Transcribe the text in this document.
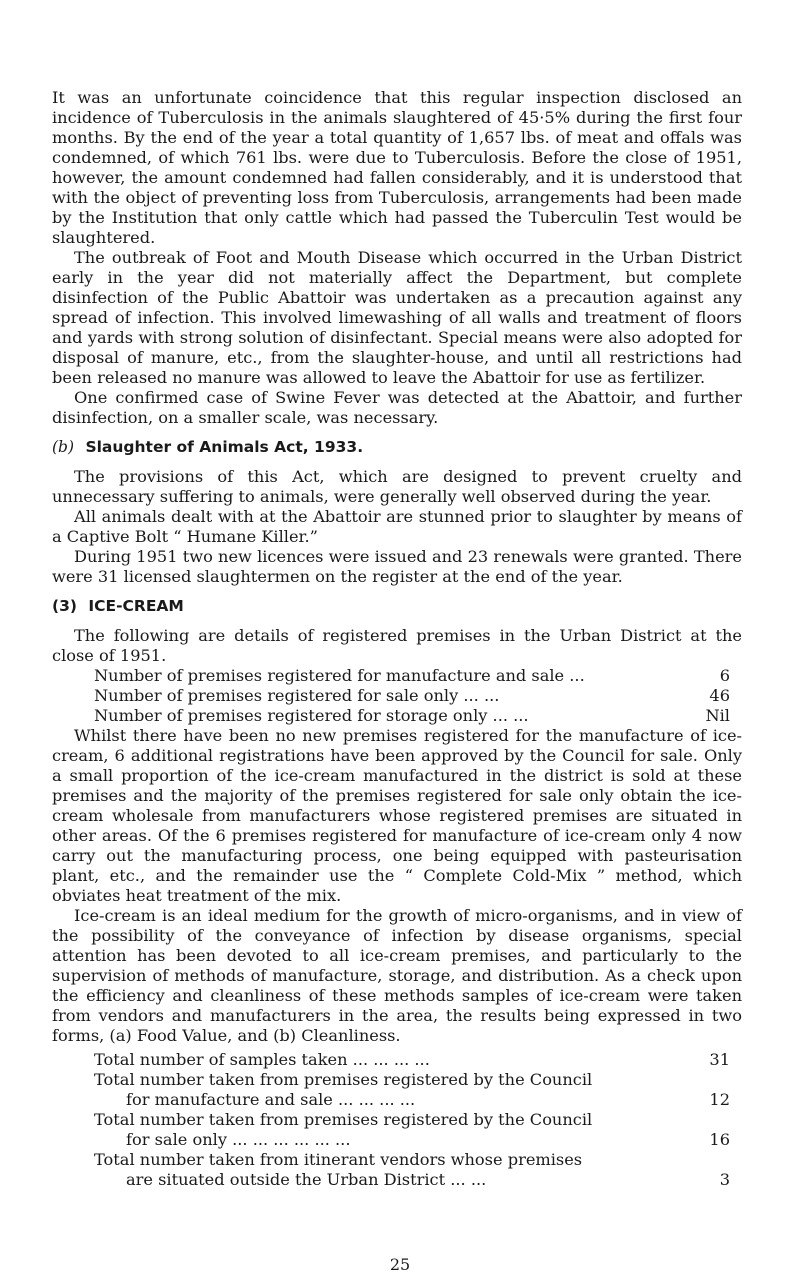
It was an unfortunate coincidence that this regular inspection disclosed an incidence of Tuberculosis in the animals slaughtered of 45·5% during the first four months. By the end of the year a total quantity of 1,657 lbs. of meat and offals was condemned, of which 761 lbs. were due to Tuberculosis. Before the close of 1951, however, the amount condemned had fallen considerably, and it is understood that with the object of preventing loss from Tuberculosis, arrangements had been made by the Institution that only cattle which had passed the Tuberculin Test would be slaughtered.

The outbreak of Foot and Mouth Disease which occurred in the Urban District early in the year did not materially affect the Department, but complete disinfection of the Public Abattoir was undertaken as a precaution against any spread of infection. This involved limewashing of all walls and treatment of floors and yards with strong solution of disinfectant. Special means were also adopted for disposal of manure, etc., from the slaughter-house, and until all restrictions had been released no manure was allowed to leave the Abattoir for use as fertilizer.

One confirmed case of Swine Fever was detected at the Abattoir, and further disinfection, on a smaller scale, was necessary.

(b) Slaughter of Animals Act, 1933.

The provisions of this Act, which are designed to prevent cruelty and unnecessary suffering to animals, were generally well observed during the year.

All animals dealt with at the Abattoir are stunned prior to slaughter by means of a Captive Bolt “ Humane Killer.”

During 1951 two new licences were issued and 23 renewals were granted. There were 31 licensed slaughtermen on the register at the end of the year.

(3) ICE-CREAM

The following are details of registered premises in the Urban District at the close of 1951.

Number of premises registered for manufacture and sale ...	6
Number of premises registered for sale only ... ...	46
Number of premises registered for storage only ... ...	Nil

Whilst there have been no new premises registered for the manufacture of ice-cream, 6 additional registrations have been approved by the Council for sale. Only a small proportion of the ice-cream manufactured in the district is sold at these premises and the majority of the premises registered for sale only obtain the ice-cream wholesale from manufacturers whose registered premises are situated in other areas. Of the 6 premises registered for manufacture of ice-cream only 4 now carry out the manufacturing process, one being equipped with pasteurisation plant, etc., and the remainder use the “ Complete Cold-Mix ” method, which obviates heat treatment of the mix.

Ice-cream is an ideal medium for the growth of micro-organisms, and in view of the possibility of the conveyance of infection by disease organisms, special attention has been devoted to all ice-cream premises, and particularly to the supervision of methods of manufacture, storage, and distribution. As a check upon the efficiency and cleanliness of these methods samples of ice-cream were taken from vendors and manufacturers in the area, the results being expressed in two forms, (a) Food Value, and (b) Cleanliness.

Total number of samples taken ... ... ... ...	31
Total number taken from premises registered by the Council
for manufacture and sale ... ... ... ...	12
Total number taken from premises registered by the Council
for sale only ... ... ... ... ... ...	16
Total number taken from itinerant vendors whose premises
are situated outside the Urban District ... ...	3
25
